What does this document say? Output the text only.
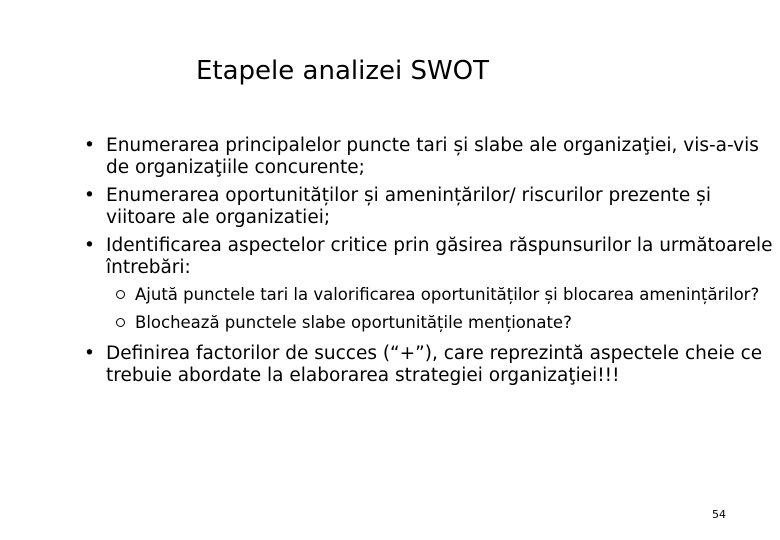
Etapele analizei SWOT
• Enumerarea principalelor puncte tari și slabe ale organizaţiei, vis-a-vis de organizaţiile concurente;
• Enumerarea oportunităților și amenințărilor/ riscurilor prezente și viitoare ale organizatiei;
• Identificarea aspectelor critice prin găsirea răspunsurilor la următoarele întrebări:
Ajută punctele tari la valorificarea oportunităților și blocarea amenințărilor?
Blochează punctele slabe oportunitățile menționate?
• Definirea factorilor de succes (“+”), care reprezintă aspectele cheie ce trebuie abordate la elaborarea strategiei organizaţiei!!!
54
